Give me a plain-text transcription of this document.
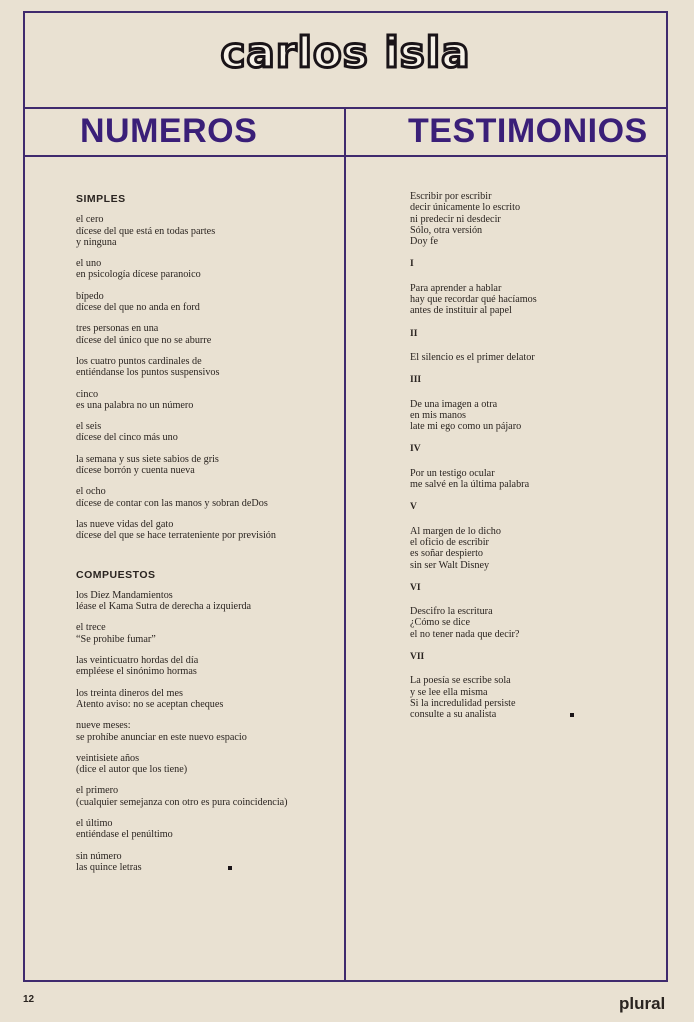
carlos isla
NUMEROS	TESTIMONIOS
SIMPLES
el cero
dícese del que está en todas partes
y ninguna
el uno
en psicología dícese paranoico
bípedo
dícese del que no anda en ford
tres personas en una
dícese del único que no se aburre
los cuatro puntos cardinales de
entiéndanse los puntos suspensivos
cinco
es una palabra no un número
el seis
dícese del cinco más uno
la semana y sus siete sabios de gris
dícese borrón y cuenta nueva
el ocho
dícese de contar con las manos y sobran deDos
las nueve vidas del gato
dícese del que se hace terrateniente por previsión
COMPUESTOS
los Diez Mandamientos
léase el Kama Sutra de derecha a izquierda
el trece
“Se prohibe fumar”
las veinticuatro hordas del día
empléese el sinónimo hormas
los treinta dineros del mes
Atento aviso: no se aceptan cheques
nueve meses:
se prohíbe anunciar en este nuevo espacio
veintisiete años
(dice el autor que los tiene)
el primero
(cualquier semejanza con otro es pura coincidencia)
el último
entiéndase el penúltimo
sin número
las quince letras
Escribir por escribir
decir únicamente lo escrito
ni predecir ni desdecir
Sólo, otra versión
Doy fe
I
Para aprender a hablar
hay que recordar qué hacíamos
antes de instituir al papel
II
El silencio es el primer delator
III
De una imagen a otra
en mis manos
late mi ego como un pájaro
IV
Por un testigo ocular
me salvé en la última palabra
V
Al margen de lo dicho
el oficio de escribir
es soñar despierto
sin ser Walt Disney
VI
Descifro la escritura
¿Cómo se dice
el no tener nada que decir?
VII
La poesía se escribe sola
y se lee ella misma
Si la incredulidad persiste
consulte a su analista
12	plural
